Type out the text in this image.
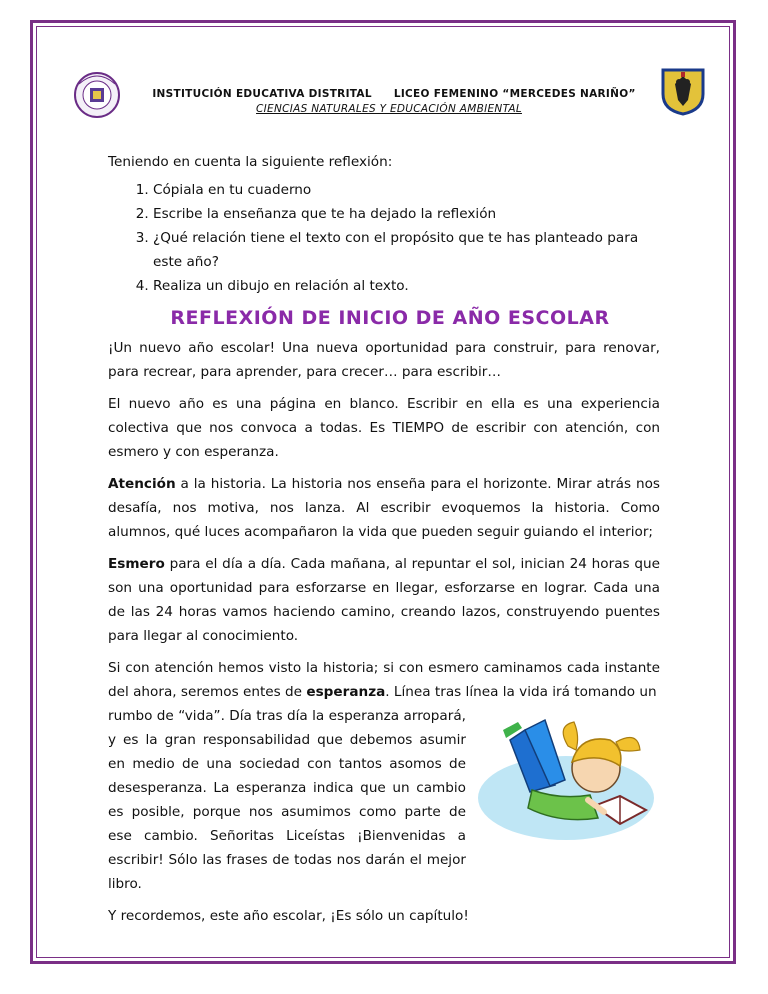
INSTITUCIÓN EDUCATIVA DISTRITAL LICEO FEMENINO “MERCEDES NARIÑO”
CIENCIAS NATURALES Y EDUCACIÓN AMBIENTAL
Teniendo en cuenta la siguiente reflexión:
1. Cópiala en tu cuaderno
2. Escribe la enseñanza que te ha dejado la reflexión
3. ¿Qué relación tiene el texto con el propósito que te has planteado para este año?
4. Realiza un dibujo en relación al texto.
REFLEXIÓN DE INICIO DE AÑO ESCOLAR

¡Un nuevo año escolar! Una nueva oportunidad para construir, para renovar, para recrear, para aprender, para crecer… para escribir…

El nuevo año es una página en blanco. Escribir en ella es una experiencia colectiva que nos convoca a todas. Es TIEMPO de escribir con atención, con esmero y con esperanza.

Atención a la historia. La historia nos enseña para el horizonte. Mirar atrás nos desafía, nos motiva, nos lanza. Al escribir evoquemos la historia. Como alumnos, qué luces acompañaron la vida que pueden seguir guiando el interior;

Esmero para el día a día. Cada mañana, al repuntar el sol, inician 24 horas que son una oportunidad para esforzarse en llegar, esforzarse en lograr. Cada una de las 24 horas vamos haciendo camino, creando lazos, construyendo puentes para llegar al conocimiento.

Si con atención hemos visto la historia; si con esmero caminamos cada instante del ahora, seremos entes de esperanza. Línea tras línea la vida irá tomando un

rumbo de “vida”. Día tras día la esperanza arropará, y es la gran responsabilidad que debemos asumir en medio de una sociedad con tantos asomos de desesperanza. La esperanza indica que un cambio es posible, porque nos asumimos como parte de ese cambio. Señoritas Liceístas ¡Bienvenidas a escribir! Sólo las frases de todas nos darán el mejor libro.

Y recordemos, este año escolar, ¡Es sólo un capítulo!
